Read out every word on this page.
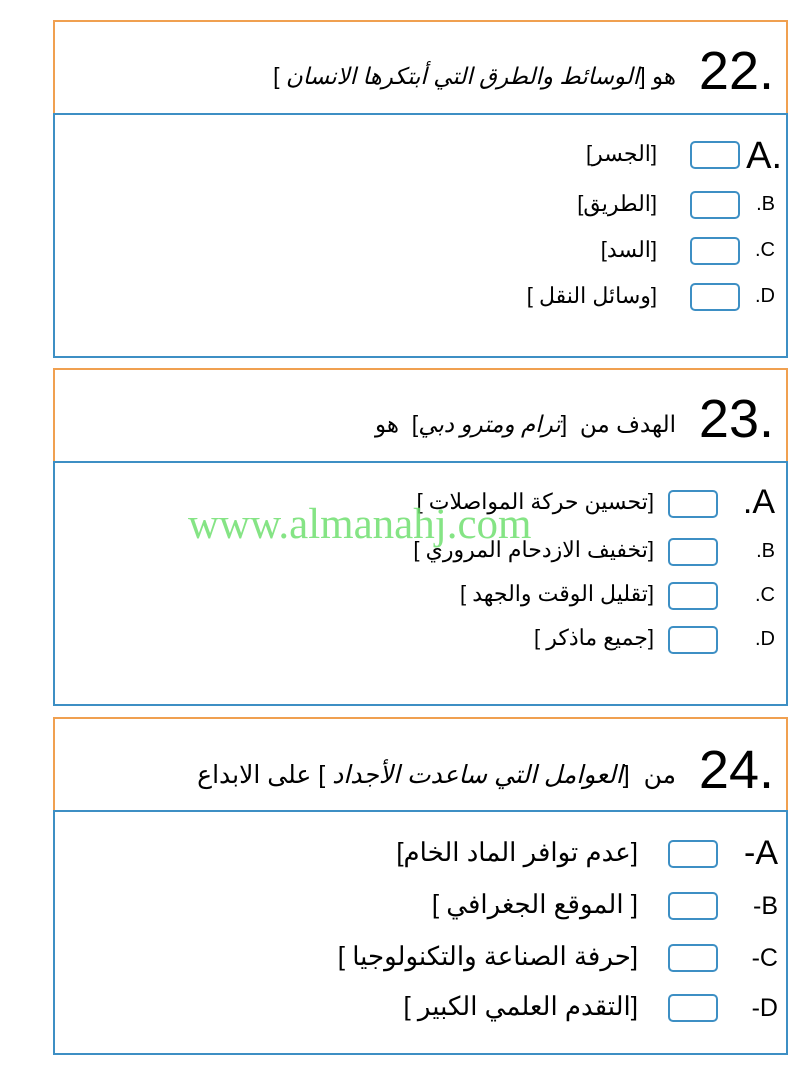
22.
هو [الوسائط والطرق التي أبتكرها الانسان ]
A.
[الجسر]
.B
[الطريق]
.C
[السد]
.D
[وسائل النقل ]
23.
الهدف من  [ترام ومترو دبي]  هو
.A
[تحسين حركة المواصلات ]
.B
[تخفيف الازدحام المروري ]
.C
[تقليل الوقت والجهد ]
.D
[جميع ماذكر ]
24.
من  [العوامل التي ساعدت الأجداد ] على الابداع
-A
[عدم توافر الماد الخام]
-B
[ الموقع الجغرافي ]
-C
[حرفة الصناعة والتكنولوجيا ]
-D
[التقدم العلمي الكبير ]
www.almanahj.com
